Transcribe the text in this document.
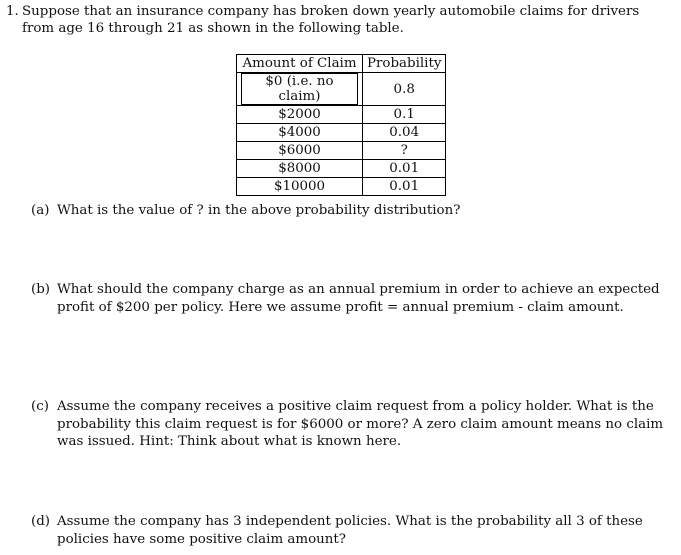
1. Suppose that an insurance company has broken down yearly automobile claims for drivers from age 16 through 21 as shown in the following table.
Amount of Claim	Probability
$0 (i.e. no claim)	0.8
$2000	0.1
$4000	0.04
$6000	?
$8000	0.01
$10000	0.01
(a) What is the value of ? in the above probability distribution?
(b) What should the company charge as an annual premium in order to achieve an expected profit of $200 per policy. Here we assume profit = annual premium - claim amount.
(c) Assume the company receives a positive claim request from a policy holder. What is the probability this claim request is for $6000 or more? A zero claim amount means no claim was issued. Hint: Think about what is known here.
(d) Assume the company has 3 independent policies. What is the probability all 3 of these policies have some positive claim amount?
